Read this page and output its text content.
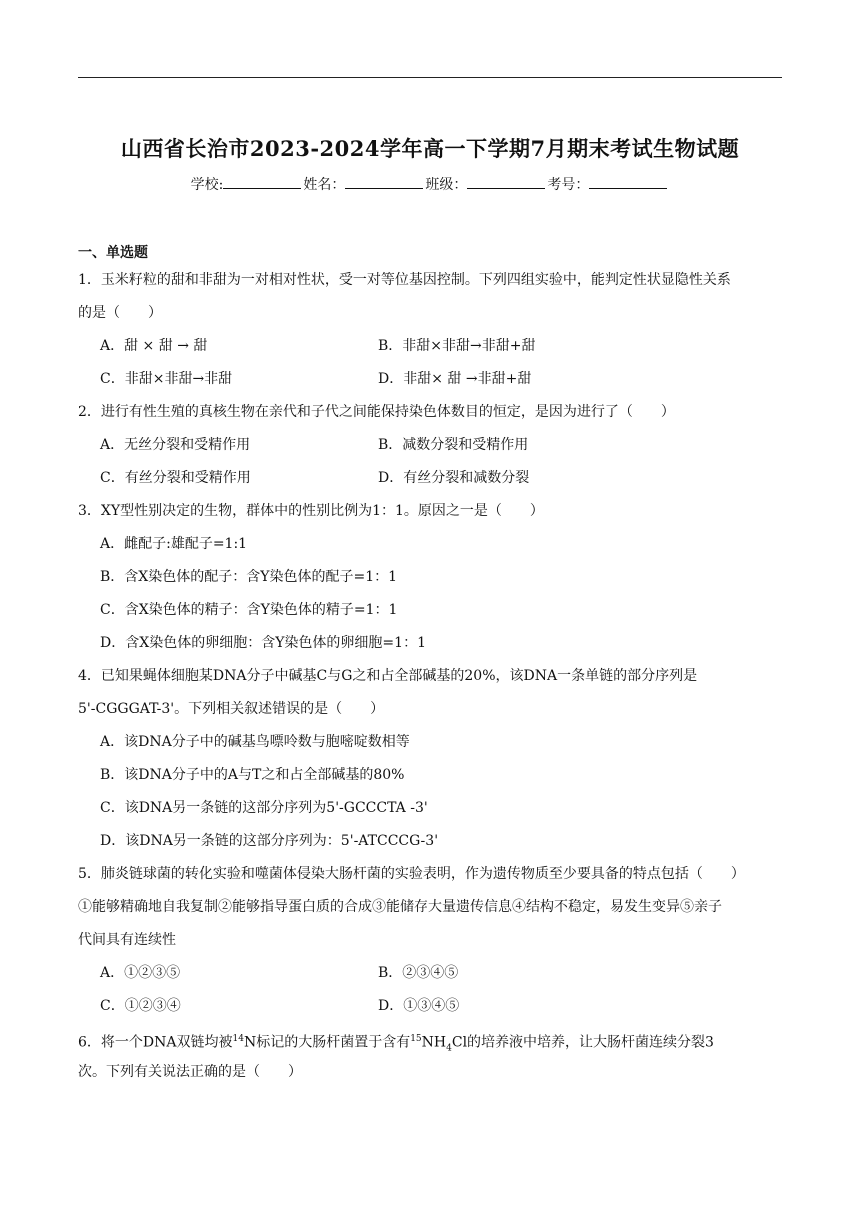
山西省长治市2023-2024学年高一下学期7月期末考试生物试题
学校:	姓名：	班级：	考号：
一、单选题
1．玉米籽粒的甜和非甜为一对相对性状，受一对等位基因控制。下列四组实验中，能判定性状显隐性关系
的是（　　）
A．甜 × 甜 → 甜	B．非甜×非甜→非甜+甜
C．非甜×非甜→非甜	D．非甜× 甜 →非甜+甜
2．进行有性生殖的真核生物在亲代和子代之间能保持染色体数目的恒定，是因为进行了（　　）
A．无丝分裂和受精作用	B．减数分裂和受精作用
C．有丝分裂和受精作用	D．有丝分裂和减数分裂
3．XY型性别决定的生物，群体中的性别比例为1：1。原因之一是（　　）
A．雌配子:雄配子=1:1
B．含X染色体的配子：含Y染色体的配子=1：1
C．含X染色体的精子：含Y染色体的精子=1：1
D．含X染色体的卵细胞：含Y染色体的卵细胞=1：1
4．已知果蝇体细胞某DNA分子中碱基C与G之和占全部碱基的20%，该DNA一条单链的部分序列是
5'-CGGGAT-3'。下列相关叙述错误的是（　　）
A．该DNA分子中的碱基鸟嘌呤数与胞嘧啶数相等
B．该DNA分子中的A与T之和占全部碱基的80%
C．该DNA另一条链的这部分序列为5'-GCCCTA -3'
D．该DNA另一条链的这部分序列为：5'-ATCCCG-3'
5．肺炎链球菌的转化实验和噬菌体侵染大肠杆菌的实验表明，作为遗传物质至少要具备的特点包括（　　）
①能够精确地自我复制②能够指导蛋白质的合成③能储存大量遗传信息④结构不稳定，易发生变异⑤亲子
代间具有连续性
A．①②③⑤	B．②③④⑤
C．①②③④	D．①③④⑤
6．将一个DNA双链均被$^{14}$N标记的大肠杆菌置于含有$^{15}NH_4Cl$的培养液中培养，让大肠杆菌连续分裂3
次。下列有关说法正确的是（　　）
